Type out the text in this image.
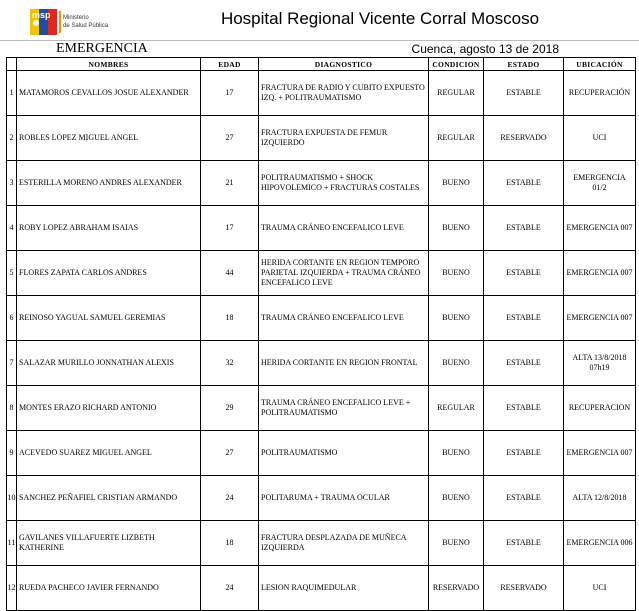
msp Ministerio
de Salud Pública	Hospital Regional Vicente Corral Moscoso
EMERGENCIA	Cuenca, agosto 13 de 2018
	NOMBRES	EDAD	DIAGNOSTICO	CONDICION	ESTADO	UBICACIÓN
1	MATAMOROS CEVALLOS JOSUE ALEXANDER	17	FRACTURA DE RADIO Y CUBITO EXPUESTO IZQ. + POLITRAUMATISMO	REGULAR	ESTABLE	RECUPERACIÓN
2	ROBLES LOPEZ MIGUEL ANGEL	27	FRACTURA EXPUESTA DE FEMUR IZQUIERDO	REGULAR	RESERVADO	UCI
3	ESTERILLA MORENO ANDRES ALEXANDER	21	POLITRAUMATISMO + SHOCK HIPOVOLEMICO + FRACTURAS COSTALES	BUENO	ESTABLE	EMERGENCIA 01/2
4	ROBY LOPEZ ABRAHAM ISAIAS	17	TRAUMA CRÁNEO ENCEFALICO LEVE	BUENO	ESTABLE	EMERGENCIA 007
5	FLORES ZAPATA CARLOS ANDRES	44	HERIDA CORTANTE EN REGION TEMPORO PARIETAL IZQUIERDA + TRAUMA CRÁNEO ENCEFALICO LEVE	BUENO	ESTABLE	EMERGENCIA 007
6	REINOSO YAGUAL SAMUEL GEREMIAS	18	TRAUMA CRÁNEO ENCEFALICO LEVE	BUENO	ESTABLE	EMERGENCIA 007
7	SALAZAR MURILLO JONNATHAN ALEXIS	32	HERIDA CORTANTE EN REGION FRONTAL	BUENO	ESTABLE	ALTA 13/8/2018 07h19
8	MONTES ERAZO RICHARD ANTONIO	29	TRAUMA CRÁNEO ENCEFALICO LEVE + POLITRAUMATISMO	REGULAR	ESTABLE	RECUPERACION
9	ACEVEDO SUAREZ MIGUEL ANGEL	27	POLITRAUMATISMO	BUENO	ESTABLE	EMERGENCIA 007
10	SANCHEZ PEÑAFIEL CRISTIAN ARMANDO	24	POLITARUMA + TRAUMA OCULAR	BUENO	ESTABLE	ALTA 12/8/2018
11	GAVILANES VILLAFUERTE LIZBETH KATHERINE	18	FRACTURA DESPLAZADA DE MUÑECA IZQUIERDA	BUENO	ESTABLE	EMERGENCIA 006
12	RUEDA PACHECO JAVIER FERNANDO	24	LESION RAQUIMEDULAR	RESERVADO	RESERVADO	UCI
